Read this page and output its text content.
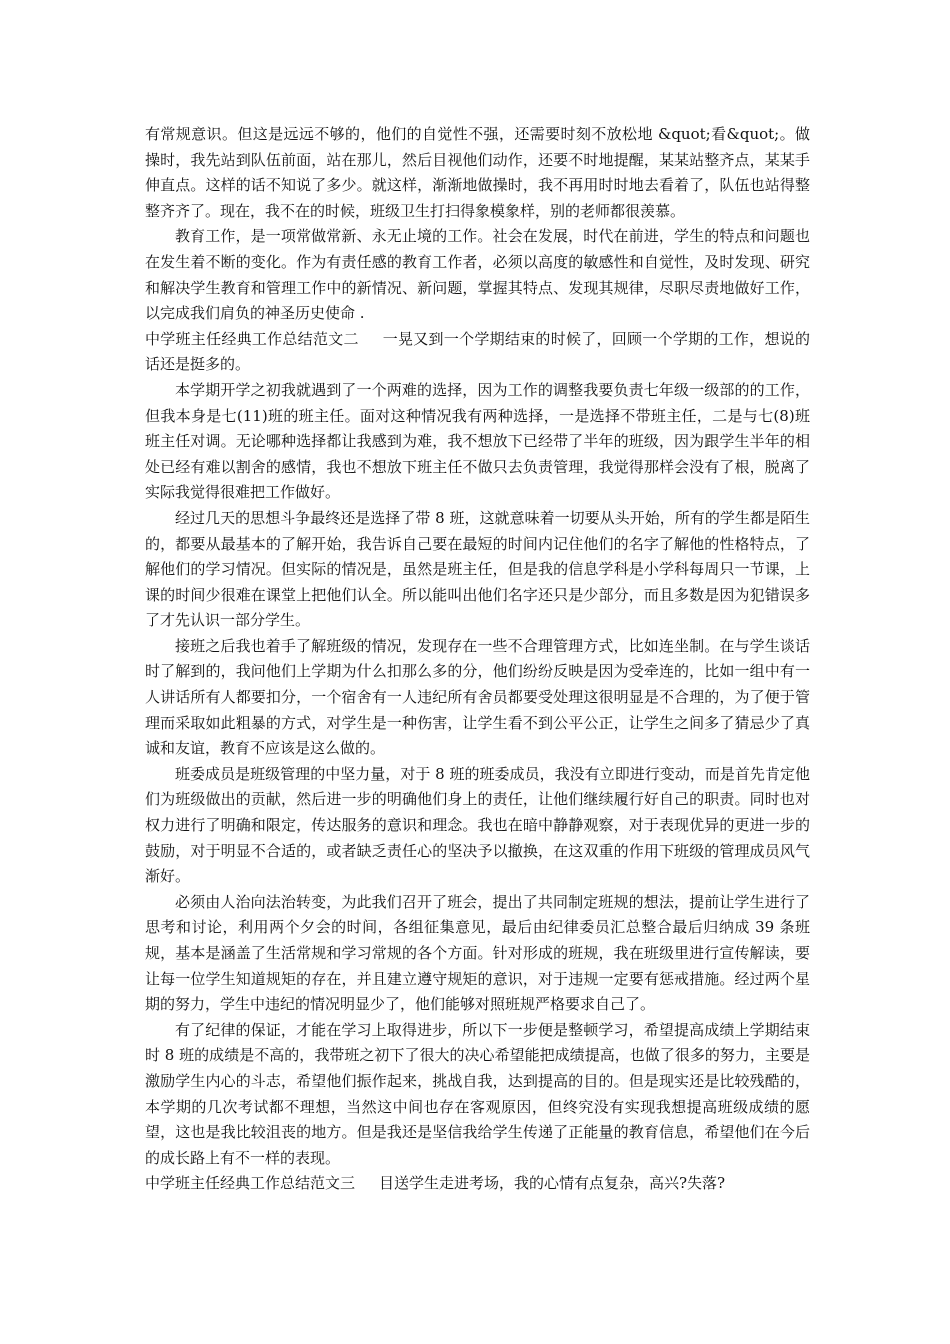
有常规意识。但这是远远不够的，他们的自觉性不强，还需要时刻不放松地 &quot;看&quot;。做操时，我先站到队伍前面，站在那儿，然后目视他们动作，还要不时地提醒，某某站整齐点，某某手伸直点。这样的话不知说了多少。就这样，渐渐地做操时，我不再用时时地去看着了，队伍也站得整整齐齐了。现在，我不在的时候，班级卫生打扫得象模象样，别的老师都很羡慕。

教育工作，是一项常做常新、永无止境的工作。社会在发展，时代在前进，学生的特点和问题也在发生着不断的变化。作为有责任感的教育工作者，必须以高度的敏感性和自觉性，及时发现、研究和解决学生教育和管理工作中的新情况、新问题，掌握其特点、发现其规律，尽职尽责地做好工作，以完成我们肩负的神圣历史使命 .

中学班主任经典工作总结范文二 一晃又到一个学期结束的时候了，回顾一个学期的工作，想说的话还是挺多的。

本学期开学之初我就遇到了一个两难的选择，因为工作的调整我要负责七年级一级部的的工作，但我本身是七(11)班的班主任。面对这种情况我有两种选择，一是选择不带班主任，二是与七(8)班班主任对调。无论哪种选择都让我感到为难，我不想放下已经带了半年的班级，因为跟学生半年的相处已经有难以割舍的感情，我也不想放下班主任不做只去负责管理，我觉得那样会没有了根，脱离了实际我觉得很难把工作做好。

经过几天的思想斗争最终还是选择了带 8 班，这就意味着一切要从头开始，所有的学生都是陌生的，都要从最基本的了解开始，我告诉自己要在最短的时间内记住他们的名字了解他的性格特点，了解他们的学习情况。但实际的情况是，虽然是班主任，但是我的信息学科是小学科每周只一节课，上课的时间少很难在课堂上把他们认全。所以能叫出他们名字还只是少部分，而且多数是因为犯错误多了才先认识一部分学生。

接班之后我也着手了解班级的情况，发现存在一些不合理管理方式，比如连坐制。在与学生谈话时了解到的，我问他们上学期为什么扣那么多的分，他们纷纷反映是因为受牵连的，比如一组中有一人讲话所有人都要扣分，一个宿舍有一人违纪所有舍员都要受处理这很明显是不合理的，为了便于管理而采取如此粗暴的方式，对学生是一种伤害，让学生看不到公平公正，让学生之间多了猜忌少了真诚和友谊，教育不应该是这么做的。

班委成员是班级管理的中坚力量，对于 8 班的班委成员，我没有立即进行变动，而是首先肯定他们为班级做出的贡献，然后进一步的明确他们身上的责任，让他们继续履行好自己的职责。同时也对权力进行了明确和限定，传达服务的意识和理念。我也在暗中静静观察，对于表现优异的更进一步的鼓励，对于明显不合适的，或者缺乏责任心的坚决予以撤换，在这双重的作用下班级的管理成员风气渐好。

必须由人治向法治转变，为此我们召开了班会，提出了共同制定班规的想法，提前让学生进行了思考和讨论，利用两个夕会的时间，各组征集意见，最后由纪律委员汇总整合最后归纳成 39 条班规，基本是涵盖了生活常规和学习常规的各个方面。针对形成的班规，我在班级里进行宣传解读，要让每一位学生知道规矩的存在，并且建立遵守规矩的意识，对于违规一定要有惩戒措施。经过两个星期的努力，学生中违纪的情况明显少了，他们能够对照班规严格要求自己了。

有了纪律的保证，才能在学习上取得进步，所以下一步便是整顿学习，希望提高成绩上学期结束时 8 班的成绩是不高的，我带班之初下了很大的决心希望能把成绩提高，也做了很多的努力，主要是激励学生内心的斗志，希望他们振作起来，挑战自我，达到提高的目的。但是现实还是比较残酷的，本学期的几次考试都不理想，当然这中间也存在客观原因，但终究没有实现我想提高班级成绩的愿望，这也是我比较沮丧的地方。但是我还是坚信我给学生传递了正能量的教育信息，希望他们在今后的成长路上有不一样的表现。

中学班主任经典工作总结范文三 目送学生走进考场，我的心情有点复杂，高兴?失落?
